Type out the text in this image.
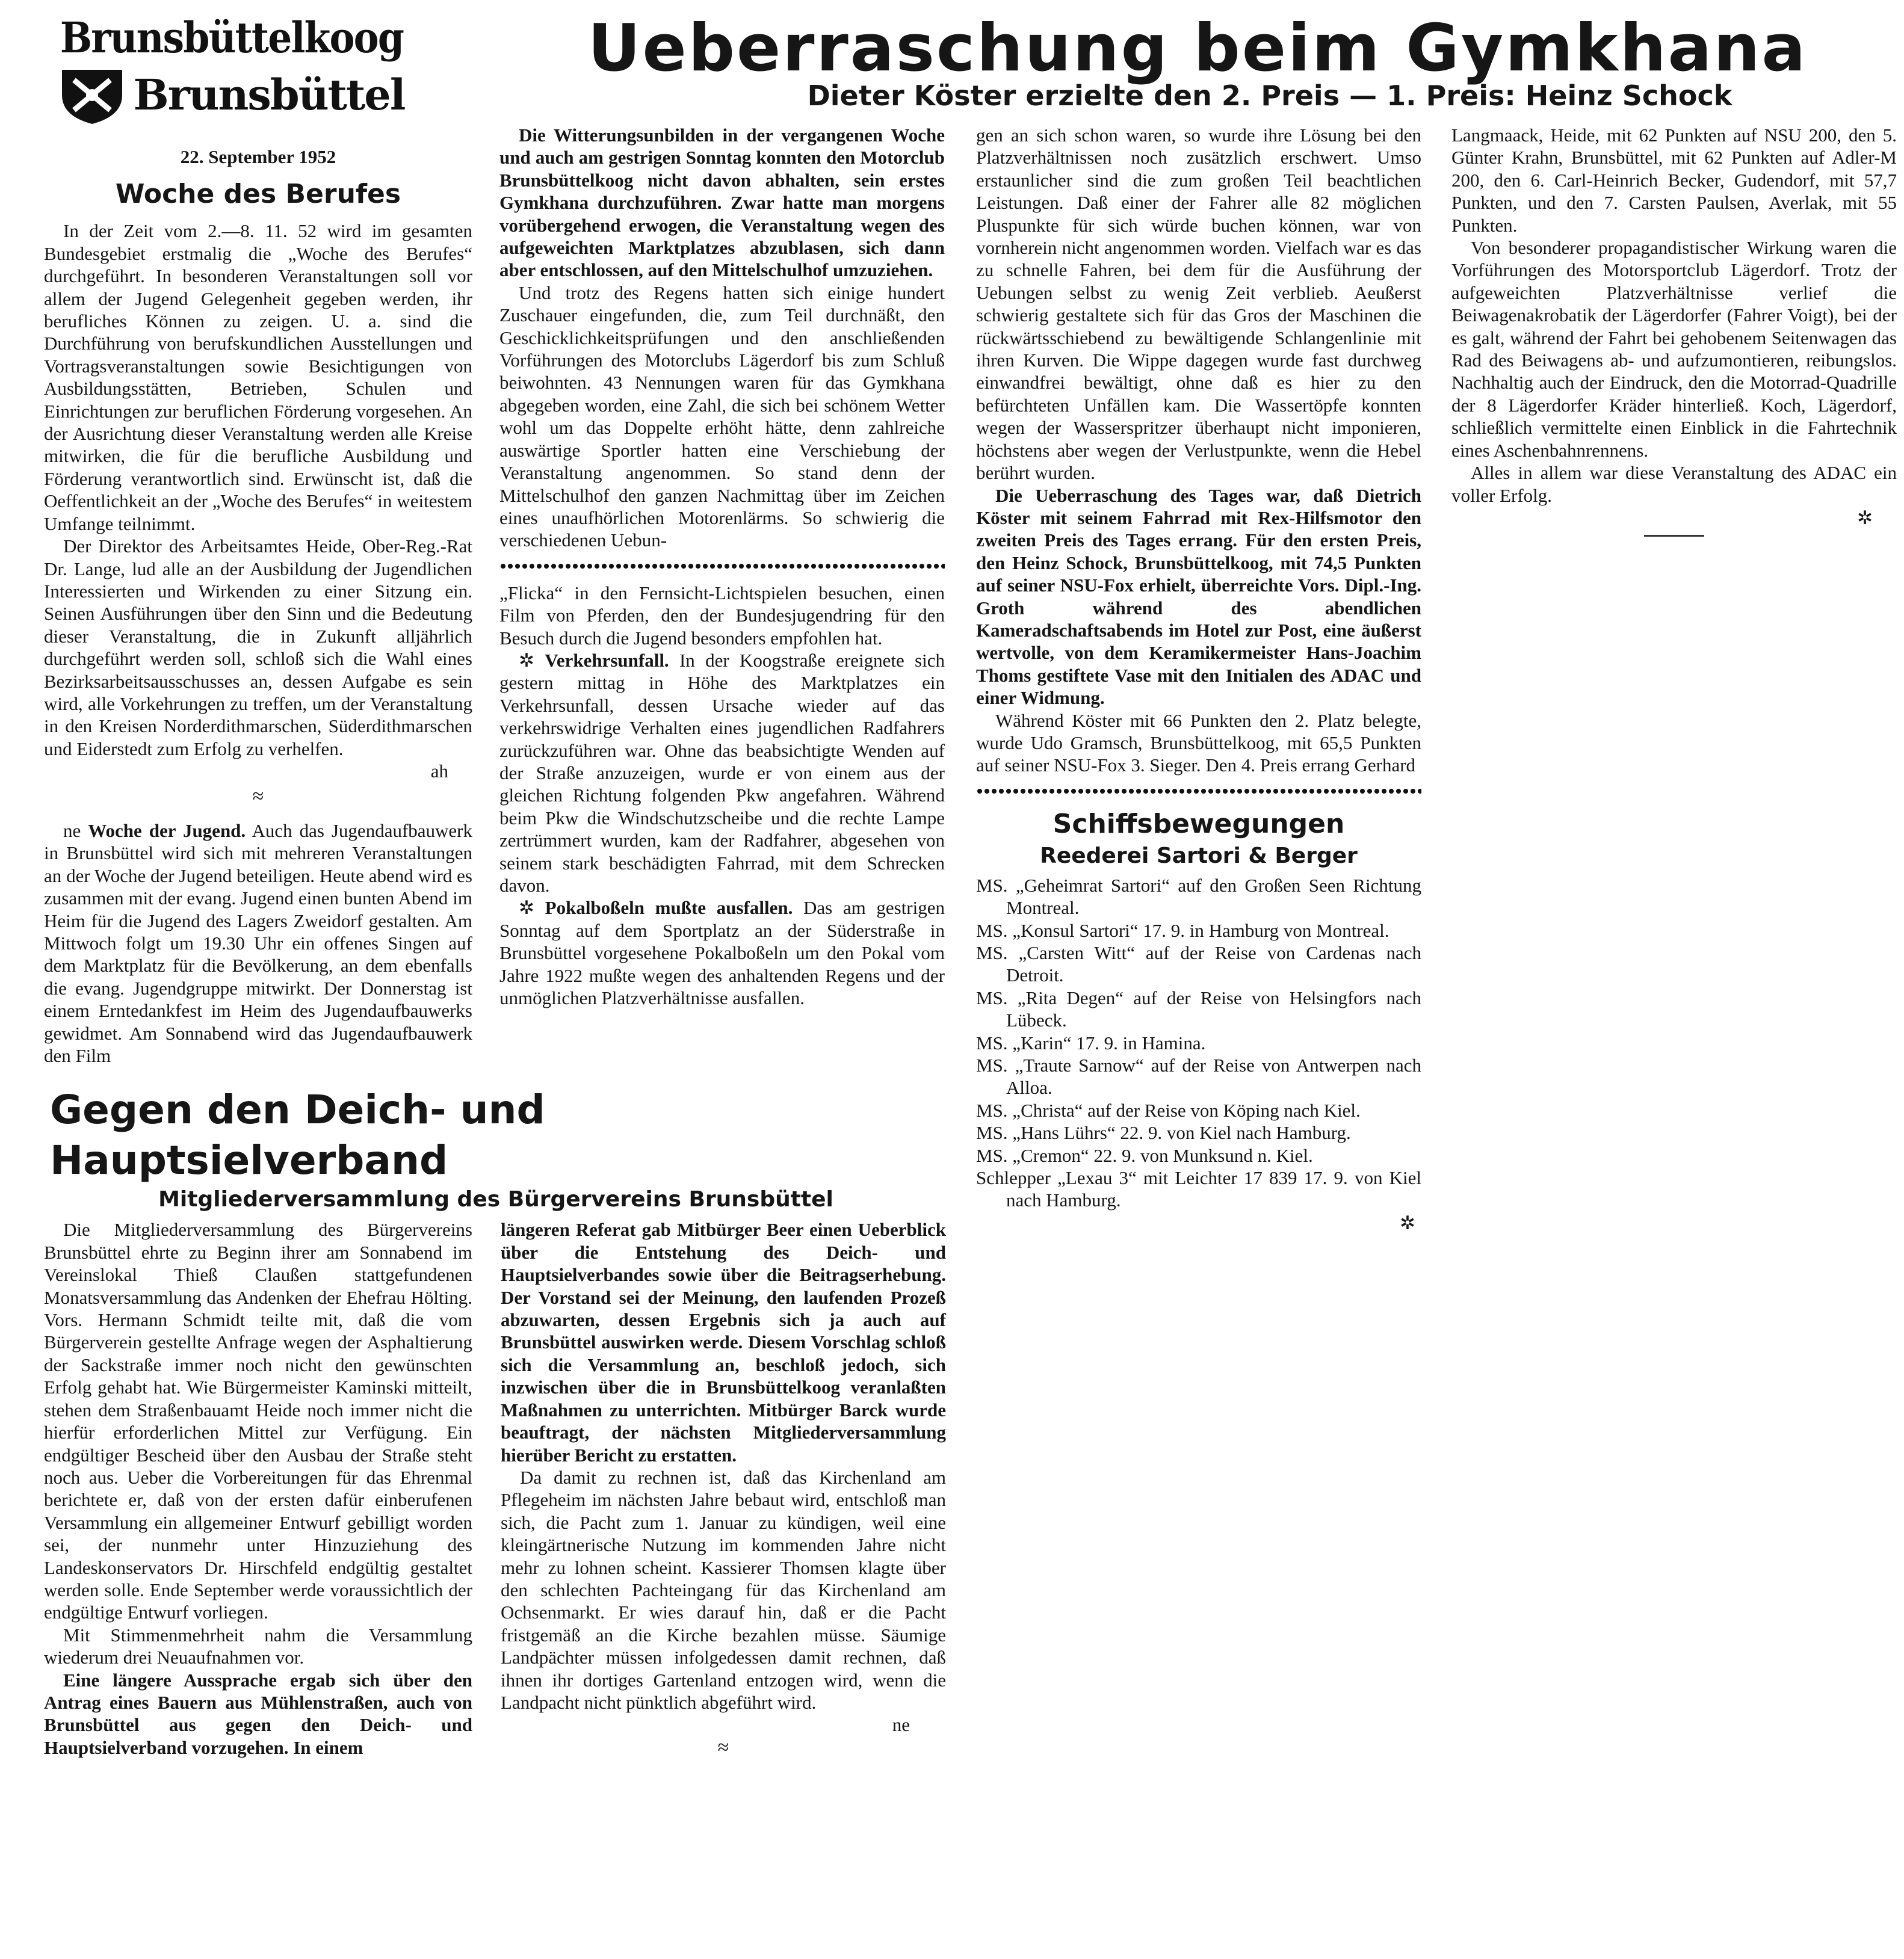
Brunsbüttelkoog
Brunsbüttel
Ueberraschung beim Gymkhana
Dieter Köster erzielte den 2. Preis — 1. Preis: Heinz Schock
22. September 1952
Woche des Berufes

In der Zeit vom 2.—8. 11. 52 wird im gesamten Bundesgebiet erstmalig die „Woche des Berufes“ durchgeführt. In besonderen Veranstaltungen soll vor allem der Jugend Gelegenheit gegeben werden, ihr berufliches Können zu zeigen. U. a. sind die Durchführung von berufskundlichen Ausstellungen und Vortragsveranstaltungen sowie Besichtigungen von Ausbildungsstätten, Betrieben, Schulen und Einrichtungen zur beruflichen Förderung vorgesehen. An der Ausrichtung dieser Veranstaltung werden alle Kreise mitwirken, die für die berufliche Ausbildung und Förderung verantwortlich sind. Erwünscht ist, daß die Oeffentlichkeit an der „Woche des Berufes“ in weitestem Umfange teilnimmt.

Der Direktor des Arbeitsamtes Heide, Ober-Reg.-Rat Dr. Lange, lud alle an der Ausbildung der Jugendlichen Interessierten und Wirkenden zu einer Sitzung ein. Seinen Ausführungen über den Sinn und die Bedeutung dieser Veranstaltung, die in Zukunft alljährlich durchgeführt werden soll, schloß sich die Wahl eines Bezirksarbeitsausschusses an, dessen Aufgabe es sein wird, alle Vorkehrungen zu treffen, um der Veranstaltung in den Kreisen Norderdithmarschen, Süderdithmarschen und Eiderstedt zum Erfolg zu verhelfen.

ah
≈

ne Woche der Jugend. Auch das Jugendaufbauwerk in Brunsbüttel wird sich mit mehreren Veranstaltungen an der Woche der Jugend beteiligen. Heute abend wird es zusammen mit der evang. Jugend einen bunten Abend im Heim für die Jugend des Lagers Zweidorf gestalten. Am Mittwoch folgt um 19.30 Uhr ein offenes Singen auf dem Marktplatz für die Bevölkerung, an dem ebenfalls die evang. Jugendgruppe mitwirkt. Der Donnerstag ist einem Erntedankfest im Heim des Jugendaufbauwerks gewidmet. Am Sonnabend wird das Jugendaufbauwerk den Film

Die Witterungsunbilden in der vergangenen Woche und auch am gestrigen Sonntag konnten den Motorclub Brunsbüttelkoog nicht davon abhalten, sein erstes Gymkhana durchzuführen. Zwar hatte man morgens vorübergehend erwogen, die Veranstaltung wegen des aufgeweichten Marktplatzes abzublasen, sich dann aber entschlossen, auf den Mittelschulhof umzuziehen.

Und trotz des Regens hatten sich einige hundert Zuschauer eingefunden, die, zum Teil durchnäßt, den Geschicklichkeitsprüfungen und den anschließenden Vorführungen des Motorclubs Lägerdorf bis zum Schluß beiwohnten. 43 Nennungen waren für das Gymkhana abgegeben worden, eine Zahl, die sich bei schönem Wetter wohl um das Doppelte erhöht hätte, denn zahlreiche auswärtige Sportler hatten eine Verschiebung der Veranstaltung angenommen. So stand denn der Mittelschulhof den ganzen Nachmittag über im Zeichen eines unaufhörlichen Motorenlärms. So schwierig die verschiedenen Uebun-

„Flicka“ in den Fernsicht-Lichtspielen besuchen, einen Film von Pferden, den der Bundesjugendring für den Besuch durch die Jugend besonders empfohlen hat.

✲ Verkehrsunfall. In der Koogstraße ereignete sich gestern mittag in Höhe des Marktplatzes ein Verkehrsunfall, dessen Ursache wieder auf das verkehrswidrige Verhalten eines jugendlichen Radfahrers zurückzuführen war. Ohne das beabsichtigte Wenden auf der Straße anzuzeigen, wurde er von einem aus der gleichen Richtung folgenden Pkw angefahren. Während beim Pkw die Windschutzscheibe und die rechte Lampe zertrümmert wurden, kam der Radfahrer, abgesehen von seinem stark beschädigten Fahrrad, mit dem Schrecken davon.

✲ Pokalboßeln mußte ausfallen. Das am gestrigen Sonntag auf dem Sportplatz an der Süderstraße in Brunsbüttel vorgesehene Pokalboßeln um den Pokal vom Jahre 1922 mußte wegen des anhaltenden Regens und der unmöglichen Platzverhältnisse ausfallen.

Gegen den Deich- und Hauptsielverband
Mitgliederversammlung des Bürgervereins Brunsbüttel

Die Mitgliederversammlung des Bürgervereins Brunsbüttel ehrte zu Beginn ihrer am Sonnabend im Vereinslokal Thieß Claußen stattgefundenen Monatsversammlung das Andenken der Ehefrau Hölting. Vors. Hermann Schmidt teilte mit, daß die vom Bürgerverein gestellte Anfrage wegen der Asphaltierung der Sackstraße immer noch nicht den gewünschten Erfolg gehabt hat. Wie Bürgermeister Kaminski mitteilt, stehen dem Straßenbauamt Heide noch immer nicht die hierfür erforderlichen Mittel zur Verfügung. Ein endgültiger Bescheid über den Ausbau der Straße steht noch aus. Ueber die Vorbereitungen für das Ehrenmal berichtete er, daß von der ersten dafür einberufenen Versammlung ein allgemeiner Entwurf gebilligt worden sei, der nunmehr unter Hinzuziehung des Landeskonservators Dr. Hirschfeld endgültig gestaltet werden solle. Ende September werde voraussichtlich der endgültige Entwurf vorliegen.

Mit Stimmenmehrheit nahm die Versammlung wiederum drei Neuaufnahmen vor.

Eine längere Aussprache ergab sich über den Antrag eines Bauern aus Mühlenstraßen, auch von Brunsbüttel aus gegen den Deich- und Hauptsielverband vorzugehen. In einem

längeren Referat gab Mitbürger Beer einen Ueberblick über die Entstehung des Deich- und Hauptsielverbandes sowie über die Beitragserhebung. Der Vorstand sei der Meinung, den laufenden Prozeß abzuwarten, dessen Ergebnis sich ja auch auf Brunsbüttel auswirken werde. Diesem Vorschlag schloß sich die Versammlung an, beschloß jedoch, sich inzwischen über die in Brunsbüttelkoog veranlaßten Maßnahmen zu unterrichten. Mitbürger Barck wurde beauftragt, der nächsten Mitgliederversammlung hierüber Bericht zu erstatten.

Da damit zu rechnen ist, daß das Kirchenland am Pflegeheim im nächsten Jahre bebaut wird, entschloß man sich, die Pacht zum 1. Januar zu kündigen, weil eine kleingärtnerische Nutzung im kommenden Jahre nicht mehr zu lohnen scheint. Kassierer Thomsen klagte über den schlechten Pachteingang für das Kirchenland am Ochsenmarkt. Er wies darauf hin, daß er die Pacht fristgemäß an die Kirche bezahlen müsse. Säumige Landpächter müssen infolgedessen damit rechnen, daß ihnen ihr dortiges Gartenland entzogen wird, wenn die Landpacht nicht pünktlich abgeführt wird.

ne
≈

gen an sich schon waren, so wurde ihre Lösung bei den Platzverhältnissen noch zusätzlich erschwert. Umso erstaunlicher sind die zum großen Teil beachtlichen Leistungen. Daß einer der Fahrer alle 82 möglichen Pluspunkte für sich würde buchen können, war von vornherein nicht angenommen worden. Vielfach war es das zu schnelle Fahren, bei dem für die Ausführung der Uebungen selbst zu wenig Zeit verblieb. Aeußerst schwierig gestaltete sich für das Gros der Maschinen die rückwärtsschiebend zu bewältigende Schlangenlinie mit ihren Kurven. Die Wippe dagegen wurde fast durchweg einwandfrei bewältigt, ohne daß es hier zu den befürchteten Unfällen kam. Die Wassertöpfe konnten wegen der Wasserspritzer überhaupt nicht imponieren, höchstens aber wegen der Verlustpunkte, wenn die Hebel berührt wurden.

Die Ueberraschung des Tages war, daß Dietrich Köster mit seinem Fahrrad mit Rex-Hilfsmotor den zweiten Preis des Tages errang. Für den ersten Preis, den Heinz Schock, Brunsbüttelkoog, mit 74,5 Punkten auf seiner NSU-Fox erhielt, überreichte Vors. Dipl.-Ing. Groth während des abendlichen Kameradschaftsabends im Hotel zur Post, eine äußerst wertvolle, von dem Keramikermeister Hans-Joachim Thoms gestiftete Vase mit den Initialen des ADAC und einer Widmung.

Während Köster mit 66 Punkten den 2. Platz belegte, wurde Udo Gramsch, Brunsbüttelkoog, mit 65,5 Punkten auf seiner NSU-Fox 3. Sieger. Den 4. Preis errang Gerhard

Schiffsbewegungen
Reederei Sartori & Berger

MS. „Geheimrat Sartori“ auf den Großen Seen Richtung Montreal.

MS. „Konsul Sartori“ 17. 9. in Hamburg von Montreal.

MS. „Carsten Witt“ auf der Reise von Cardenas nach Detroit.

MS. „Rita Degen“ auf der Reise von Helsingfors nach Lübeck.

MS. „Karin“ 17. 9. in Hamina.

MS. „Traute Sarnow“ auf der Reise von Antwerpen nach Alloa.

MS. „Christa“ auf der Reise von Köping nach Kiel.

MS. „Hans Lührs“ 22. 9. von Kiel nach Hamburg.

MS. „Cremon“ 22. 9. von Munksund n. Kiel.

Schlepper „Lexau 3“ mit Leichter 17 839 17. 9. von Kiel nach Hamburg.

✲

Langmaack, Heide, mit 62 Punkten auf NSU 200, den 5. Günter Krahn, Brunsbüttel, mit 62 Punkten auf Adler-M 200, den 6. Carl-Heinrich Becker, Gudendorf, mit 57,7 Punkten, und den 7. Carsten Paulsen, Averlak, mit 55 Punkten.

Von besonderer propagandistischer Wirkung waren die Vorführungen des Motorsportclub Lägerdorf. Trotz der aufgeweichten Platzverhältnisse verlief die Beiwagenakrobatik der Lägerdorfer (Fahrer Voigt), bei der es galt, während der Fahrt bei gehobenem Seitenwagen das Rad des Beiwagens ab- und aufzumontieren, reibungslos. Nachhaltig auch der Eindruck, den die Motorrad-Quadrille der 8 Lägerdorfer Kräder hinterließ. Koch, Lägerdorf, schließlich vermittelte einen Einblick in die Fahrtechnik eines Aschenbahnrennens.

Alles in allem war diese Veranstaltung des ADAC ein voller Erfolg.

✲
